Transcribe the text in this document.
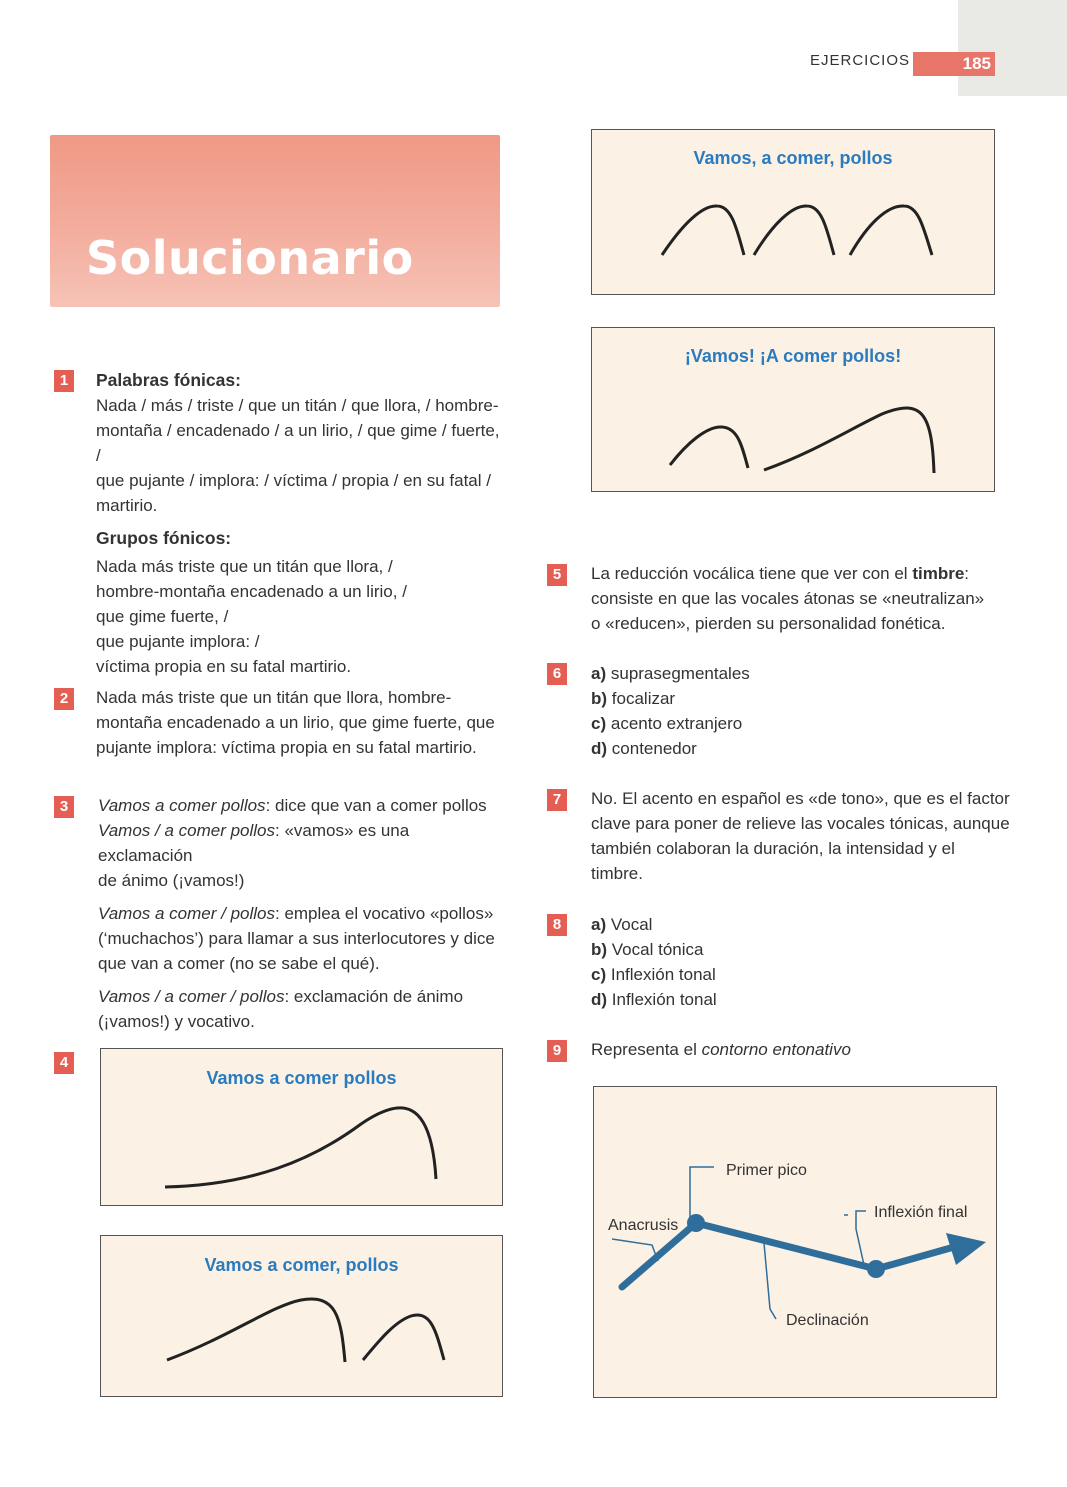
EJERCICIOS	185
Solucionario
1	Palabras fónicas:

Nada / más / triste / que un titán / que llora, / hombre-

montaña / encadenado / a un lirio, / que gime / fuerte, /

que pujante / implora: / víctima / propia / en su fatal /

martirio.

Grupos fónicos:

Nada más triste que un titán que llora, /

hombre-montaña encadenado a un lirio, /

que gime fuerte, /

que pujante implora: /

víctima propia en su fatal martirio.

2	Nada más triste que un titán que llora, hombre-

montaña encadenado a un lirio, que gime fuerte, que

pujante implora: víctima propia en su fatal martirio.

3	Vamos a comer pollos: dice que van a comer pollos

Vamos / a comer pollos: «vamos» es una exclamación

de ánimo (¡vamos!)

Vamos a comer / pollos: emplea el vocativo «pollos»

(‘muchachos’) para llamar a sus interlocutores y dice

que van a comer (no se sabe el qué).

Vamos / a comer / pollos: exclamación de ánimo

(¡vamos!) y vocativo.

4
Vamos a comer pollos
Vamos a comer, pollos
Vamos, a comer, pollos
¡Vamos! ¡A comer pollos!
5	La reducción vocálica tiene que ver con el timbre:

consiste en que las vocales átonas se «neutralizan»

o «reducen», pierden su personalidad fonética.

6	a) suprasegmentales

b) focalizar

c) acento extranjero

d) contenedor

7	No. El acento en español es «de tono», que es el factor

clave para poner de relieve las vocales tónicas, aunque

también colaboran la duración, la intensidad y el

timbre.

8	a) Vocal

b) Vocal tónica

c) Inflexión tonal

d) Inflexión tonal

9	Representa el contorno entonativo

Primer pico
Anacrusis
Inflexión final
Declinación
